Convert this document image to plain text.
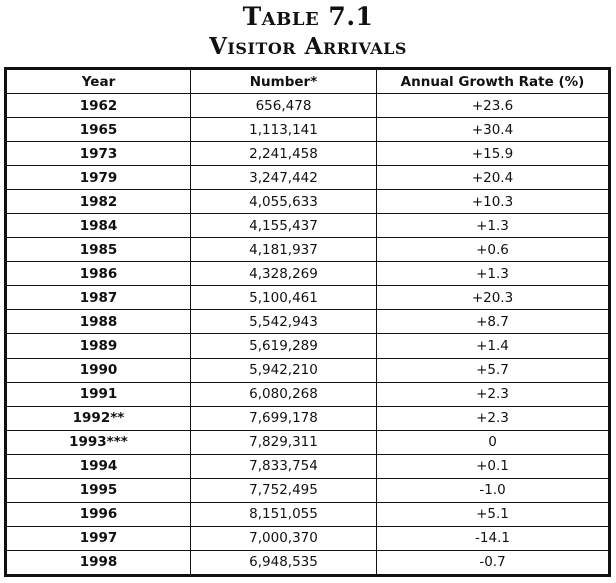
Table 7.1
Visitor Arrivals
Year	Number*	Annual Growth Rate (%)
1962	656,478	+23.6
1965	1,113,141	+30.4
1973	2,241,458	+15.9
1979	3,247,442	+20.4
1982	4,055,633	+10.3
1984	4,155,437	+1.3
1985	4,181,937	+0.6
1986	4,328,269	+1.3
1987	5,100,461	+20.3
1988	5,542,943	+8.7
1989	5,619,289	+1.4
1990	5,942,210	+5.7
1991	6,080,268	+2.3
1992**	7,699,178	+2.3
1993***	7,829,311	0
1994	7,833,754	+0.1
1995	7,752,495	-1.0
1996	8,151,055	+5.1
1997	7,000,370	-14.1
1998	6,948,535	-0.7
